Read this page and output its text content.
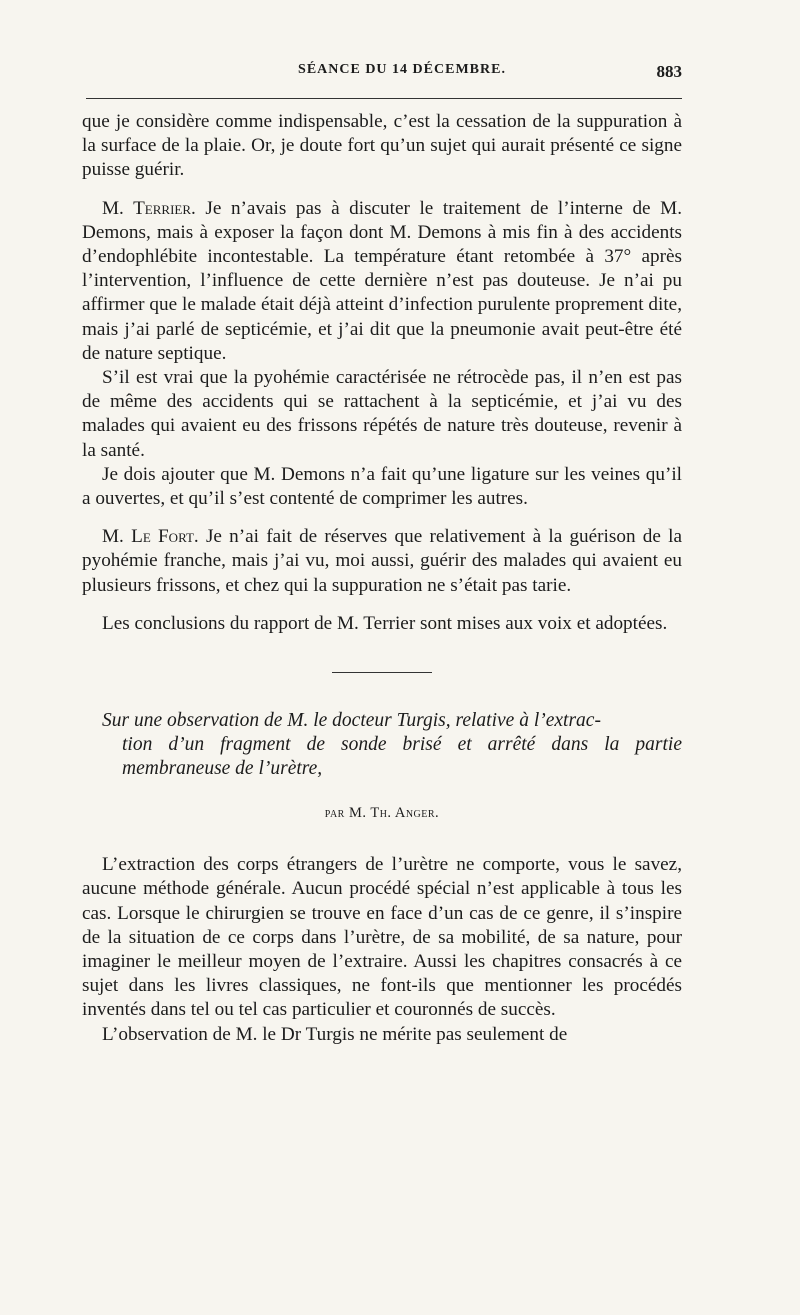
SÉANCE DU 14 DÉCEMBRE.	883

que je considère comme indispensable, c’est la cessation de la suppuration à la surface de la plaie. Or, je doute fort qu’un sujet qui aurait présenté ce signe puisse guérir.

M. Terrier. Je n’avais pas à discuter le traitement de l’interne de M. Demons, mais à exposer la façon dont M. Demons à mis fin à des accidents d’endophlébite incontestable. La température étant retombée à 37° après l’intervention, l’influence de cette dernière n’est pas douteuse. Je n’ai pu affirmer que le malade était déjà atteint d’infection purulente proprement dite, mais j’ai parlé de septicémie, et j’ai dit que la pneumonie avait peut-être été de nature septique.

S’il est vrai que la pyohémie caractérisée ne rétrocède pas, il n’en est pas de même des accidents qui se rattachent à la septicémie, et j’ai vu des malades qui avaient eu des frissons répétés de nature très douteuse, revenir à la santé.

Je dois ajouter que M. Demons n’a fait qu’une ligature sur les veines qu’il a ouvertes, et qu’il s’est contenté de comprimer les autres.

M. Le Fort. Je n’ai fait de réserves que relativement à la guérison de la pyohémie franche, mais j’ai vu, moi aussi, guérir des malades qui avaient eu plusieurs frissons, et chez qui la suppuration ne s’était pas tarie.

Les conclusions du rapport de M. Terrier sont mises aux voix et adoptées.

Sur une observation de M. le docteur Turgis, relative à l’extrac-
tion d’un fragment de sonde brisé et arrêté dans la partie membraneuse de l’urètre,
par M. Th. Anger.

L’extraction des corps étrangers de l’urètre ne comporte, vous le savez, aucune méthode générale. Aucun procédé spécial n’est applicable à tous les cas. Lorsque le chirurgien se trouve en face d’un cas de ce genre, il s’inspire de la situation de ce corps dans l’urètre, de sa mobilité, de sa nature, pour imaginer le meilleur moyen de l’extraire. Aussi les chapitres consacrés à ce sujet dans les livres classiques, ne font-ils que mentionner les procédés inventés dans tel ou tel cas particulier et couronnés de succès.

L’observation de M. le Dr Turgis ne mérite pas seulement de
